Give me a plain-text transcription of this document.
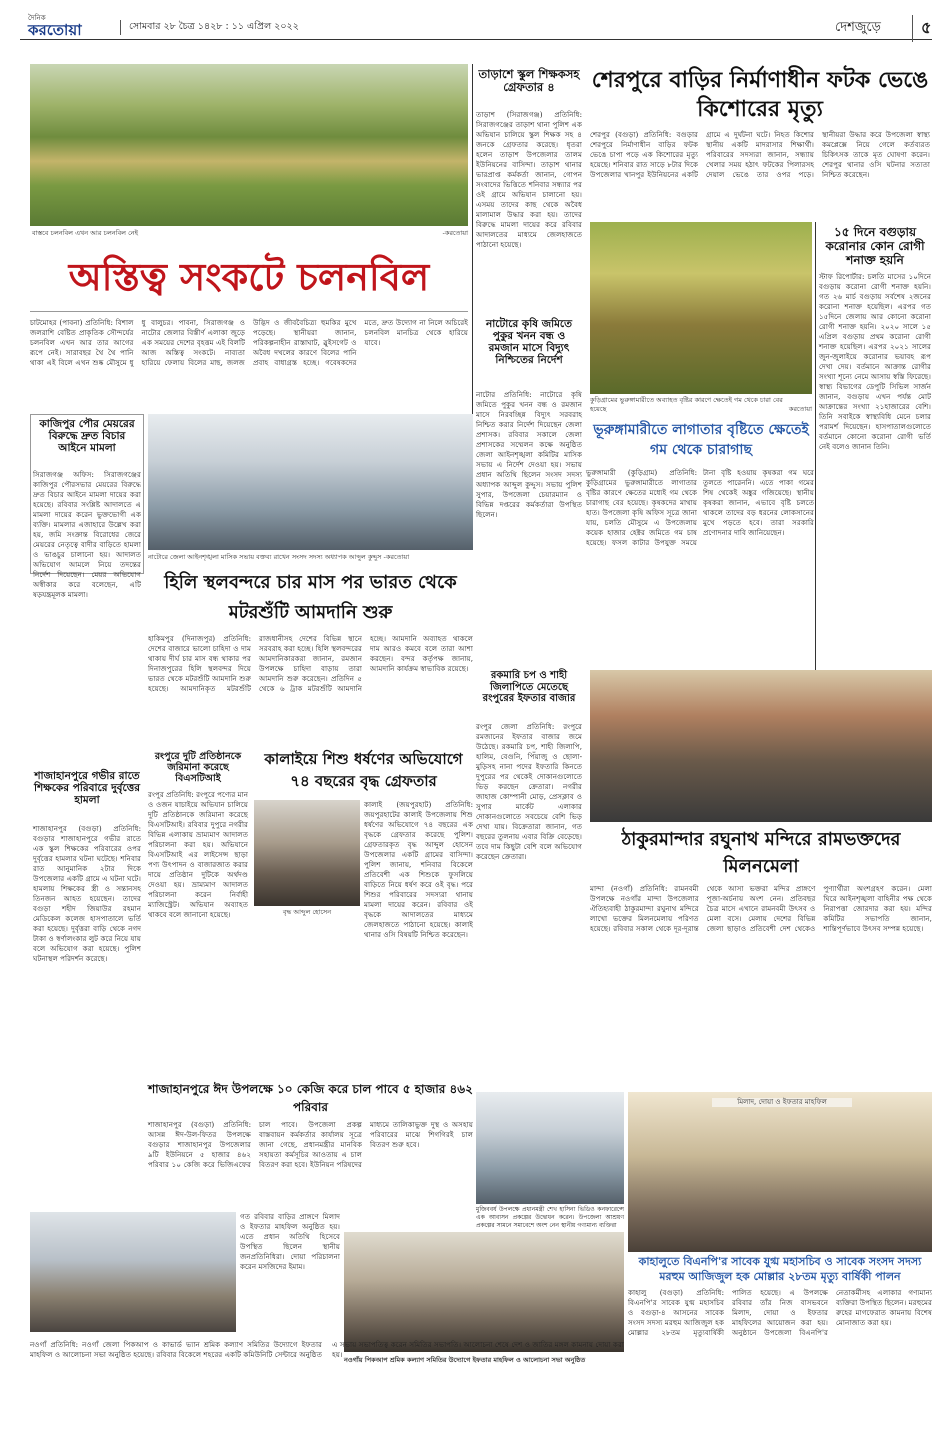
দৈনিক
করতোয়া	সোমবার ২৮ চৈত্র ১৪২৮ : ১১ এপ্রিল ২০২২	দেশজুড়ে	৫
বাস্তবে চলনবিল এখন আর চলনবিল নেই	-করতোয়া
অস্তিত্ব সংকটে চলনবিল
চাটমোহর (পাবনা) প্রতিনিধি: বিশাল জলরাশি বেষ্টিত প্রাকৃতিক সৌন্দর্যের চলনবিল এখন আর তার আগের রূপে নেই। সারাবছর থৈ থৈ পানি থাকা এই বিলে এখন শুষ্ক মৌসুমে ধু ধু বালুচর। পাবনা, সিরাজগঞ্জ ও নাটোর জেলার বিস্তীর্ণ এলাকা জুড়ে এক সময়ের দেশের বৃহত্তম এই বিলটি আজ অস্তিত্ব সংকটে। নাব্যতা হারিয়ে ফেলায় বিলের মাছ, জলজ উদ্ভিদ ও জীববৈচিত্র্য হুমকির মুখে পড়েছে। স্থানীয়রা জানান, পরিকল্পনাহীন রাস্তাঘাট, স্লুইসগেট ও অবৈধ দখলের কারণে বিলের পানি প্রবাহ বাধাগ্রস্ত হচ্ছে। গবেষকদের মতে, দ্রুত উদ্যোগ না নিলে অচিরেই চলনবিল মানচিত্র থেকে হারিয়ে যাবে।
তাড়াশে স্কুল শিক্ষকসহ গ্রেফতার ৪
তাড়াশ (সিরাজগঞ্জ) প্রতিনিধি: সিরাজগঞ্জের তাড়াশ থানা পুলিশ এক অভিযান চালিয়ে স্কুল শিক্ষক সহ ৪ জনকে গ্রেফতার করেছে। ধৃতরা হলেন তাড়াশ উপজেলার তালম ইউনিয়নের বাসিন্দা। তাড়াশ থানার ভারপ্রাপ্ত কর্মকর্তা জানান, গোপন সংবাদের ভিত্তিতে শনিবার সন্ধ্যার পর ওই গ্রামে অভিযান চালানো হয়। এসময় তাদের কাছ থেকে অবৈধ মালামাল উদ্ধার করা হয়। তাদের বিরুদ্ধে মামলা দায়ের করে রবিবার আদালতের মাধ্যমে জেলহাজতে পাঠানো হয়েছে।
শেরপুরে বাড়ির নির্মাণাধীন ফটক ভেঙে কিশোরের মৃত্যু
শেরপুর (বগুড়া) প্রতিনিধি: বগুড়ার শেরপুরে নির্মাণাধীন বাড়ির ফটক ভেঙে চাপা পড়ে এক কিশোরের মৃত্যু হয়েছে। শনিবার রাত সাড়ে ৮টার দিকে উপজেলার খানপুর ইউনিয়নের একটি গ্রামে এ দুর্ঘটনা ঘটে। নিহত কিশোর স্থানীয় একটি মাদরাসার শিক্ষার্থী। পরিবারের সদস্যরা জানান, সন্ধ্যায় খেলার সময় হঠাৎ ফটকের পিলারসহ দেয়াল ভেঙে তার ওপর পড়ে। স্থানীয়রা উদ্ধার করে উপজেলা স্বাস্থ্য কমপ্লেক্সে নিয়ে গেলে কর্তব্যরত চিকিৎসক তাকে মৃত ঘোষণা করেন। শেরপুর থানার ওসি ঘটনার সত্যতা নিশ্চিত করেছেন।
কুড়িগ্রামের ভুরুঙ্গামারীতে অব্যাহত বৃষ্টির কারণে ক্ষেতেই গম থেকে চারা বের হয়েছে	করতোয়া
১৫ দিনে বগুড়ায় করোনার কোন রোগী শনাক্ত হয়নি
স্টাফ রিপোর্টার: চলতি মাসের ১০দিনে বগুড়ায় করোনা রোগী শনাক্ত হয়নি। গত ২৬ মার্চ বগুড়ায় সর্বশেষ ২জনের করোনা শনাক্ত হয়েছিল। এরপর গত ১৫দিনে জেলায় আর কোনো করোনা রোগী শনাক্ত হয়নি। ২০২০ সালে ১৫ এপ্রিল বগুড়ায় প্রথম করোনা রোগী শনাক্ত হয়েছিল। এরপর ২০২১ সালের জুন-জুলাইয়ে করোনার ভয়াবহ রূপ দেখা দেয়। বর্তমানে আক্রান্ত রোগীর সংখ্যা শূন্যে নেমে আসায় স্বস্তি ফিরেছে। স্বাস্থ্য বিভাগের ডেপুটি সিভিল সার্জন জানান, বগুড়ায় এখন পর্যন্ত মোট আক্রান্তের সংখ্যা ২১হাজারের বেশি। তিনি সবাইকে স্বাস্থ্যবিধি মেনে চলার পরামর্শ দিয়েছেন। হাসপাতালগুলোতে বর্তমানে কোনো করোনা রোগী ভর্তি নেই বলেও জানান তিনি।
নাটোরে জেলা আইনশৃঙ্খলা মাসিক সভায় বক্তব্য রাখেন সংসদ সদস্য অধ্যাপক আব্দুল কুদ্দুস -করতোয়া
নাটোরে কৃষি জমিতে পুকুর খনন বন্ধ ও রমজান মাসে বিদ্যুৎ নিশ্চিতের নির্দেশ
নাটোর প্রতিনিধি: নাটোরে কৃষি জমিতে পুকুর খনন বন্ধ ও রমজান মাসে নিরবচ্ছিন্ন বিদ্যুৎ সরবরাহ নিশ্চিত করার নির্দেশ দিয়েছেন জেলা প্রশাসক। রবিবার সকালে জেলা প্রশাসকের সম্মেলন কক্ষে অনুষ্ঠিত জেলা আইনশৃঙ্খলা কমিটির মাসিক সভায় এ নির্দেশ দেওয়া হয়। সভায় প্রধান অতিথি ছিলেন সংসদ সদস্য অধ্যাপক আব্দুল কুদ্দুস। সভায় পুলিশ সুপার, উপজেলা চেয়ারম্যান ও বিভিন্ন দপ্তরের কর্মকর্তারা উপস্থিত ছিলেন।
কাজিপুর পৌর মেয়রের বিরুদ্ধে দ্রুত বিচার আইনে মামলা
সিরাজগঞ্জ অফিস: সিরাজগঞ্জের কাজিপুর পৌরসভার মেয়রের বিরুদ্ধে দ্রুত বিচার আইনে মামলা দায়ের করা হয়েছে। রবিবার সংশ্লিষ্ট আদালতে এ মামলা দায়ের করেন ভুক্তভোগী এক ব্যক্তি। মামলার এজাহারে উল্লেখ করা হয়, জমি সংক্রান্ত বিরোধের জেরে মেয়রের নেতৃত্বে বাদীর বাড়িতে হামলা ও ভাঙচুর চালানো হয়। আদালত অভিযোগ আমলে নিয়ে তদন্তের নির্দেশ দিয়েছেন। মেয়র অভিযোগ অস্বীকার করে বলেছেন, এটি ষড়যন্ত্রমূলক মামলা।
ভূরুঙ্গামারীতে লাগাতার বৃষ্টিতে ক্ষেতেই গম থেকে চারাগাছ
ভুরুঙ্গামারী (কুড়িগ্রাম) প্রতিনিধি: কুড়িগ্রামের ভুরুঙ্গামারীতে লাগাতার বৃষ্টির কারণে ক্ষেতের মধ্যেই গম থেকে চারাগাছ বের হয়েছে। কৃষকদের মাথায় হাত। উপজেলা কৃষি অফিস সূত্রে জানা যায়, চলতি মৌসুমে এ উপজেলায় কয়েক হাজার হেক্টর জমিতে গম চাষ হয়েছে। ফসল কাটার উপযুক্ত সময়ে টানা বৃষ্টি হওয়ায় কৃষকরা গম ঘরে তুলতে পারেননি। এতে পাকা গমের শিষ থেকেই অঙ্কুর গজিয়েছে। স্থানীয় কৃষকরা জানান, এভাবে বৃষ্টি চলতে থাকলে তাদের বড় ধরনের লোকসানের মুখে পড়তে হবে। তারা সরকারি প্রণোদনার দাবি জানিয়েছেন।
হিলি স্থলবন্দরে চার মাস পর ভারত থেকে মটরশুঁটি আমদানি শুরু
হাকিমপুর (দিনাজপুর) প্রতিনিধি: দেশের বাজারে ভালো চাহিদা ও দাম থাকায় দীর্ঘ চার মাস বন্ধ থাকার পর দিনাজপুরের হিলি স্থলবন্দর দিয়ে ভারত থেকে মটরশুঁটি আমদানি শুরু হয়েছে। আমদানিকৃত মটরশুঁটি রাজধানীসহ দেশের বিভিন্ন স্থানে সরবরাহ করা হচ্ছে। হিলি স্থলবন্দরের আমদানিকারকরা জানান, রমজান উপলক্ষে চাহিদা বাড়ায় তারা আমদানি শুরু করেছেন। প্রতিদিন ৫ থেকে ৬ ট্রাক মটরশুঁটি আমদানি হচ্ছে। আমদানি অব্যাহত থাকলে দাম আরও কমবে বলে তারা আশা করছেন। বন্দর কর্তৃপক্ষ জানায়, আমদানি কার্যক্রম স্বাভাবিক রয়েছে।
রকমারি চপ ও শাহী জিলাপিতে মেতেছে রংপুরের ইফতার বাজার
রংপুর জেলা প্রতিনিধি: রংপুরে রমজানের ইফতার বাজার জমে উঠেছে। রকমারি চপ, শাহী জিলাপি, হালিম, বেগুনি, পিঁয়াজু ও ছোলা-মুড়িসহ নানা পদের ইফতারি কিনতে দুপুরের পর থেকেই দোকানগুলোতে ভিড় করছেন ক্রেতারা। নগরীর জাহাজ কোম্পানী মোড়, প্রেসক্লাব ও সুপার মার্কেট এলাকার দোকানগুলোতে সবচেয়ে বেশি ভিড় দেখা যায়। বিক্রেতারা জানান, গত বছরের তুলনায় এবার বিক্রি বেড়েছে। তবে দাম কিছুটা বেশি বলে অভিযোগ করেছেন ক্রেতারা।
শাজাহানপুরে গভীর রাতে শিক্ষকের পরিবারে দুর্বৃত্তের হামলা
শাজাহানপুর (বগুড়া) প্রতিনিধি: বগুড়ার শাজাহানপুরে গভীর রাতে এক স্কুল শিক্ষকের পরিবারের ওপর দুর্বৃত্তের হামলার ঘটনা ঘটেছে। শনিবার রাত আনুমানিক ২টার দিকে উপজেলার একটি গ্রামে এ ঘটনা ঘটে। হামলায় শিক্ষকের স্ত্রী ও সন্তানসহ তিনজন আহত হয়েছেন। তাদের বগুড়া শহীদ জিয়াউর রহমান মেডিকেল কলেজ হাসপাতালে ভর্তি করা হয়েছে। দুর্বৃত্তরা বাড়ি থেকে নগদ টাকা ও স্বর্ণালংকার লুট করে নিয়ে যায় বলে অভিযোগ করা হয়েছে। পুলিশ ঘটনাস্থল পরিদর্শন করেছে।
রংপুরে দুটি প্রতিষ্ঠানকে জরিমানা করেছে বিএসটিআই
রংপুর প্রতিনিধি: রংপুরে পণ্যের মান ও ওজন যাচাইয়ে অভিযান চালিয়ে দুটি প্রতিষ্ঠানকে জরিমানা করেছে বিএসটিআই। রবিবার দুপুরে নগরীর বিভিন্ন এলাকায় ভ্রাম্যমাণ আদালত পরিচালনা করা হয়। অভিযানে বিএসটিআই এর লাইসেন্স ছাড়া পণ্য উৎপাদন ও বাজারজাত করার দায়ে প্রতিষ্ঠান দুটিকে অর্থদণ্ড দেওয়া হয়। ভ্রাম্যমাণ আদালত পরিচালনা করেন নির্বাহী ম্যাজিস্ট্রেট। অভিযান অব্যাহত থাকবে বলে জানানো হয়েছে।
কালাইয়ে শিশু ধর্ষণের অভিযোগে ৭৪ বছরের বৃদ্ধ গ্রেফতার
বৃদ্ধ আব্দুল হোসেন
কালাই (জয়পুরহাট) প্রতিনিধি: জয়পুরহাটের কালাই উপজেলায় শিশু ধর্ষণের অভিযোগে ৭৪ বছরের এক বৃদ্ধকে গ্রেফতার করেছে পুলিশ। গ্রেফতারকৃত বৃদ্ধ আব্দুল হোসেন উপজেলার একটি গ্রামের বাসিন্দা। পুলিশ জানায়, শনিবার বিকেলে প্রতিবেশী এক শিশুকে ফুসলিয়ে বাড়িতে নিয়ে ধর্ষণ করে ওই বৃদ্ধ। পরে শিশুর পরিবারের সদস্যরা থানায় মামলা দায়ের করেন। রবিবার ওই বৃদ্ধকে আদালতের মাধ্যমে জেলহাজতে পাঠানো হয়েছে। কালাই থানার ওসি বিষয়টি নিশ্চিত করেছেন।
ঠাকুরমান্দার রঘুনাথ মন্দিরে রামভক্তদের মিলনমেলা
মান্দা (নওগাঁ) প্রতিনিধি: রামনবমী উপলক্ষে নওগাঁর মান্দা উপজেলার ঐতিহ্যবাহী ঠাকুরমান্দা রঘুনাথ মন্দিরে লাখো ভক্তের মিলনমেলায় পরিণত হয়েছে। রবিবার সকাল থেকে দূর-দূরান্ত থেকে আসা ভক্তরা মন্দির প্রাঙ্গণে পূজা-অর্চনায় অংশ নেন। প্রতিবছর চৈত্র মাসে এখানে রামনবমী উৎসব ও মেলা বসে। মেলায় দেশের বিভিন্ন জেলা ছাড়াও প্রতিবেশী দেশ থেকেও পুণ্যার্থীরা অংশগ্রহণ করেন। মেলা ঘিরে আইনশৃঙ্খলা বাহিনীর পক্ষ থেকে নিরাপত্তা জোরদার করা হয়। মন্দির কমিটির সভাপতি জানান, শান্তিপূর্ণভাবে উৎসব সম্পন্ন হয়েছে।
শাজাহানপুরে ঈদ উপলক্ষে ১০ কেজি করে চাল পাবে ৫ হাজার ৪৬২ পরিবার
শাজাহানপুর (বগুড়া) প্রতিনিধি: আসন্ন ঈদ-উল-ফিতর উপলক্ষে বগুড়ার শাজাহানপুর উপজেলার ৯টি ইউনিয়নে ৫ হাজার ৪৬২ পরিবার ১০ কেজি করে ভিজিএফের চাল পাবে। উপজেলা প্রকল্প বাস্তবায়ন কর্মকর্তার কার্যালয় সূত্রে জানা গেছে, প্রধানমন্ত্রীর মানবিক সহায়তা কর্মসূচির আওতায় এ চাল বিতরণ করা হবে। ইউনিয়ন পরিষদের মাধ্যমে তালিকাভুক্ত দুস্থ ও অসহায় পরিবারের মাঝে শিগগিরই চাল বিতরণ শুরু হবে।
মুজিববর্ষ উপলক্ষে প্রধানমন্ত্রী শেখ হাসিনা ভিডিও কনফারেন্সে এক আবাসন প্রকল্পের উদ্বোধন করেন। উপজেলা আশ্রয়ণ প্রকল্পের সামনে সমাবেশে অংশ নেন স্থানীয় গণ্যমান্য ব্যক্তিরা
মিলাদ, দোয়া ও ইফতার মাহফিল
কাহালুতে বিএনপি'র সাবেক যুগ্ম মহাসচিব ও সাবেক সংসদ সদস্য মরহুম আজিজুল হক মোল্লার ২৮তম মৃত্যু বার্ষিকী পালন
কাহালু (বগুড়া) প্রতিনিধি: বিএনপি'র সাবেক যুগ্ম মহাসচিব ও বগুড়া-৪ আসনের সাবেক সংসদ সদস্য মরহুম আজিজুল হক মোল্লার ২৮তম মৃত্যুবার্ষিকী পালিত হয়েছে। এ উপলক্ষে রবিবার তাঁর নিজ বাসভবনে মিলাদ, দোয়া ও ইফতার মাহফিলের আয়োজন করা হয়। অনুষ্ঠানে উপজেলা বিএনপি'র নেতাকর্মীসহ এলাকার গণ্যমান্য ব্যক্তিরা উপস্থিত ছিলেন। মরহুমের রুহের মাগফেরাত কামনায় বিশেষ মোনাজাত করা হয়।
গত রবিবার বাড়ির প্রাঙ্গণে মিলাদ ও ইফতার মাহফিল অনুষ্ঠিত হয়। এতে প্রধান অতিথি হিসেবে উপস্থিত ছিলেন স্থানীয় জনপ্রতিনিধিরা। দোয়া পরিচালনা করেন মসজিদের ইমাম।
নওগাঁয় পিকআপ শ্রমিক কল্যাণ সমিতির উদ্যোগে ইফতার মাহফিল ও আলোচনা সভা অনুষ্ঠিত
নওগাঁ প্রতিনিধি: নওগাঁ জেলা পিকআপ ও কাভার্ড ভ্যান শ্রমিক কল্যাণ সমিতির উদ্যোগে ইফতার মাহফিল ও আলোচনা সভা অনুষ্ঠিত হয়েছে। রবিবার বিকেলে শহরের একটি কমিউনিটি সেন্টারে অনুষ্ঠিত এ সভায় সভাপতিত্ব করেন সমিতির সভাপতি। আলোচনা শেষে দেশ ও জাতির মঙ্গল কামনায় দোয়া করা হয়।
